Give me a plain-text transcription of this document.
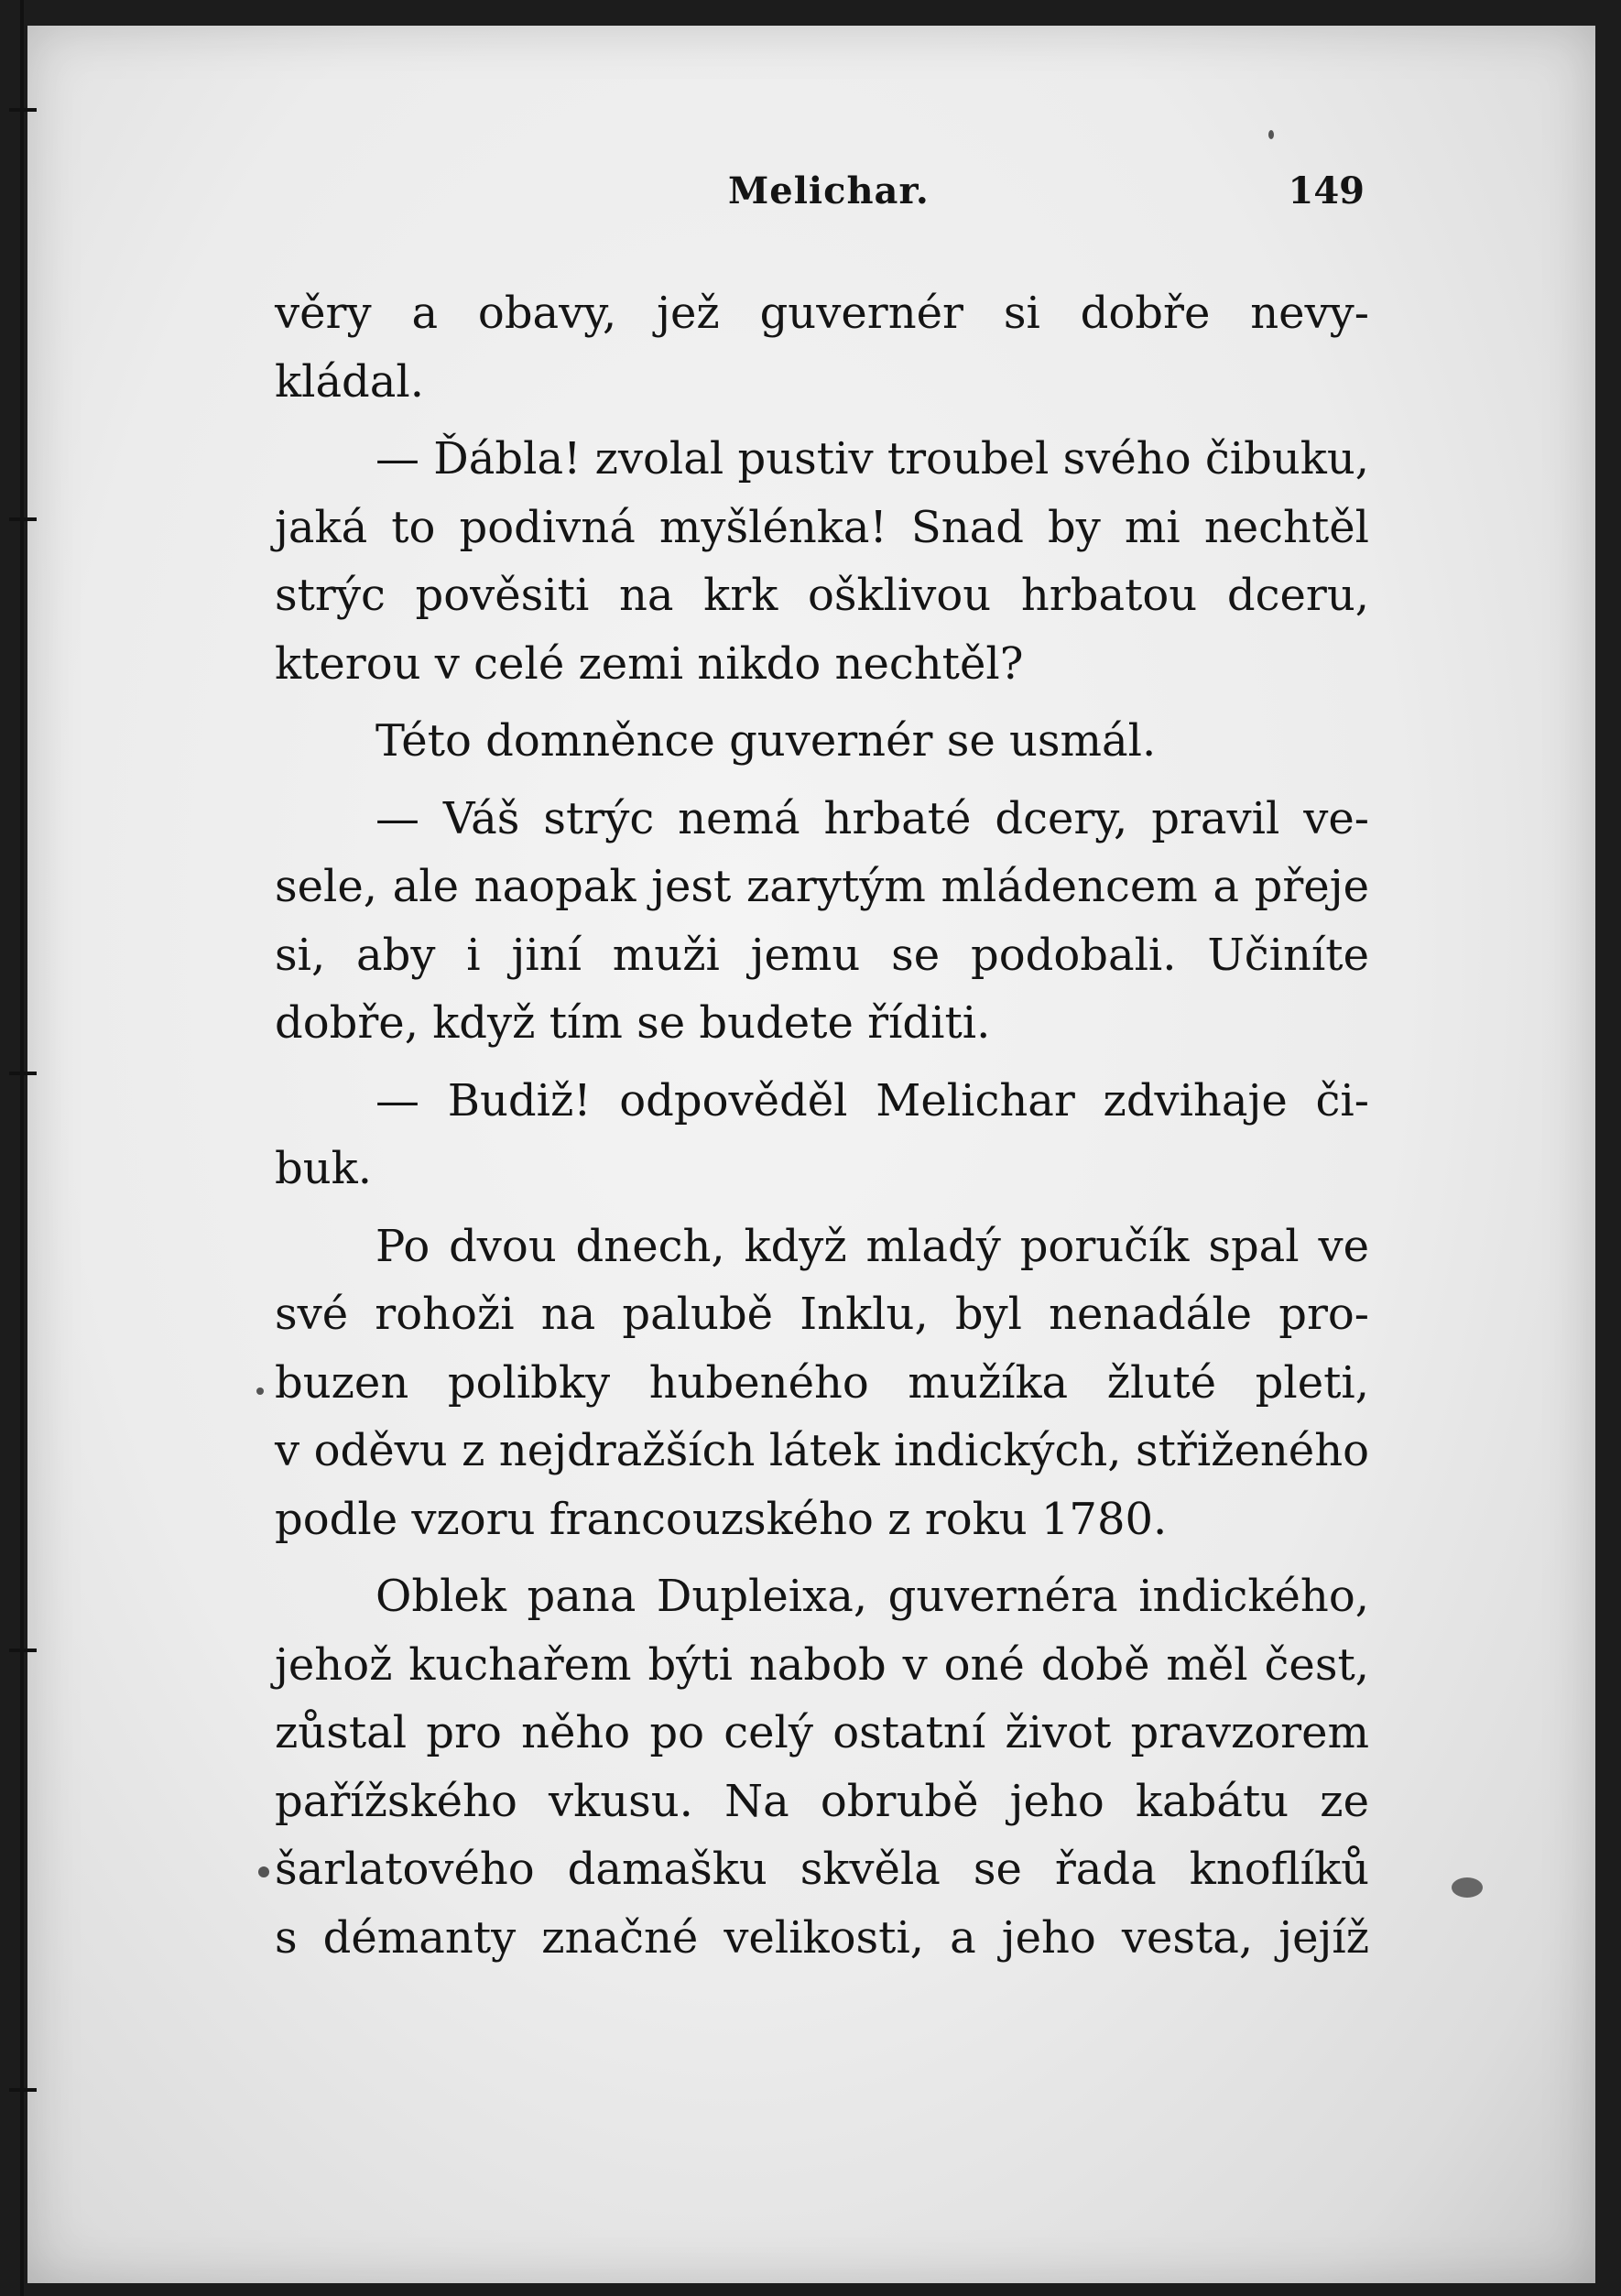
Melichar.	149

věry a obavy, jež guvernér si dobře nevy-
kládal.

— Ďábla! zvolal pustiv troubel svého čibuku,
jaká to podivná myšlénka! Snad by mi nechtěl
strýc pověsiti na krk ošklivou hrbatou dceru,
kterou v celé zemi nikdo nechtěl?

Této domněnce guvernér se usmál.

— Váš strýc nemá hrbaté dcery, pravil ve-
sele, ale naopak jest zarytým mládencem a přeje
si, aby i jiní muži jemu se podobali. Učiníte
dobře, když tím se budete říditi.

— Budiž! odpověděl Melichar zdvihaje či-
buk.

Po dvou dnech, když mladý poručík spal ve
své rohoži na palubě Inklu, byl nenadále pro-
buzen polibky hubeného mužíka žluté pleti,
v oděvu z nejdražších látek indických, střiženého
podle vzoru francouzského z roku 1780.

Oblek pana Dupleixa, guvernéra indického,
jehož kuchařem býti nabob v oné době měl čest,
zůstal pro něho po celý ostatní život pravzorem
pařížského vkusu. Na obrubě jeho kabátu ze
šarlatového damašku skvěla se řada knoflíků
s démanty značné velikosti, a jeho vesta, jejíž
